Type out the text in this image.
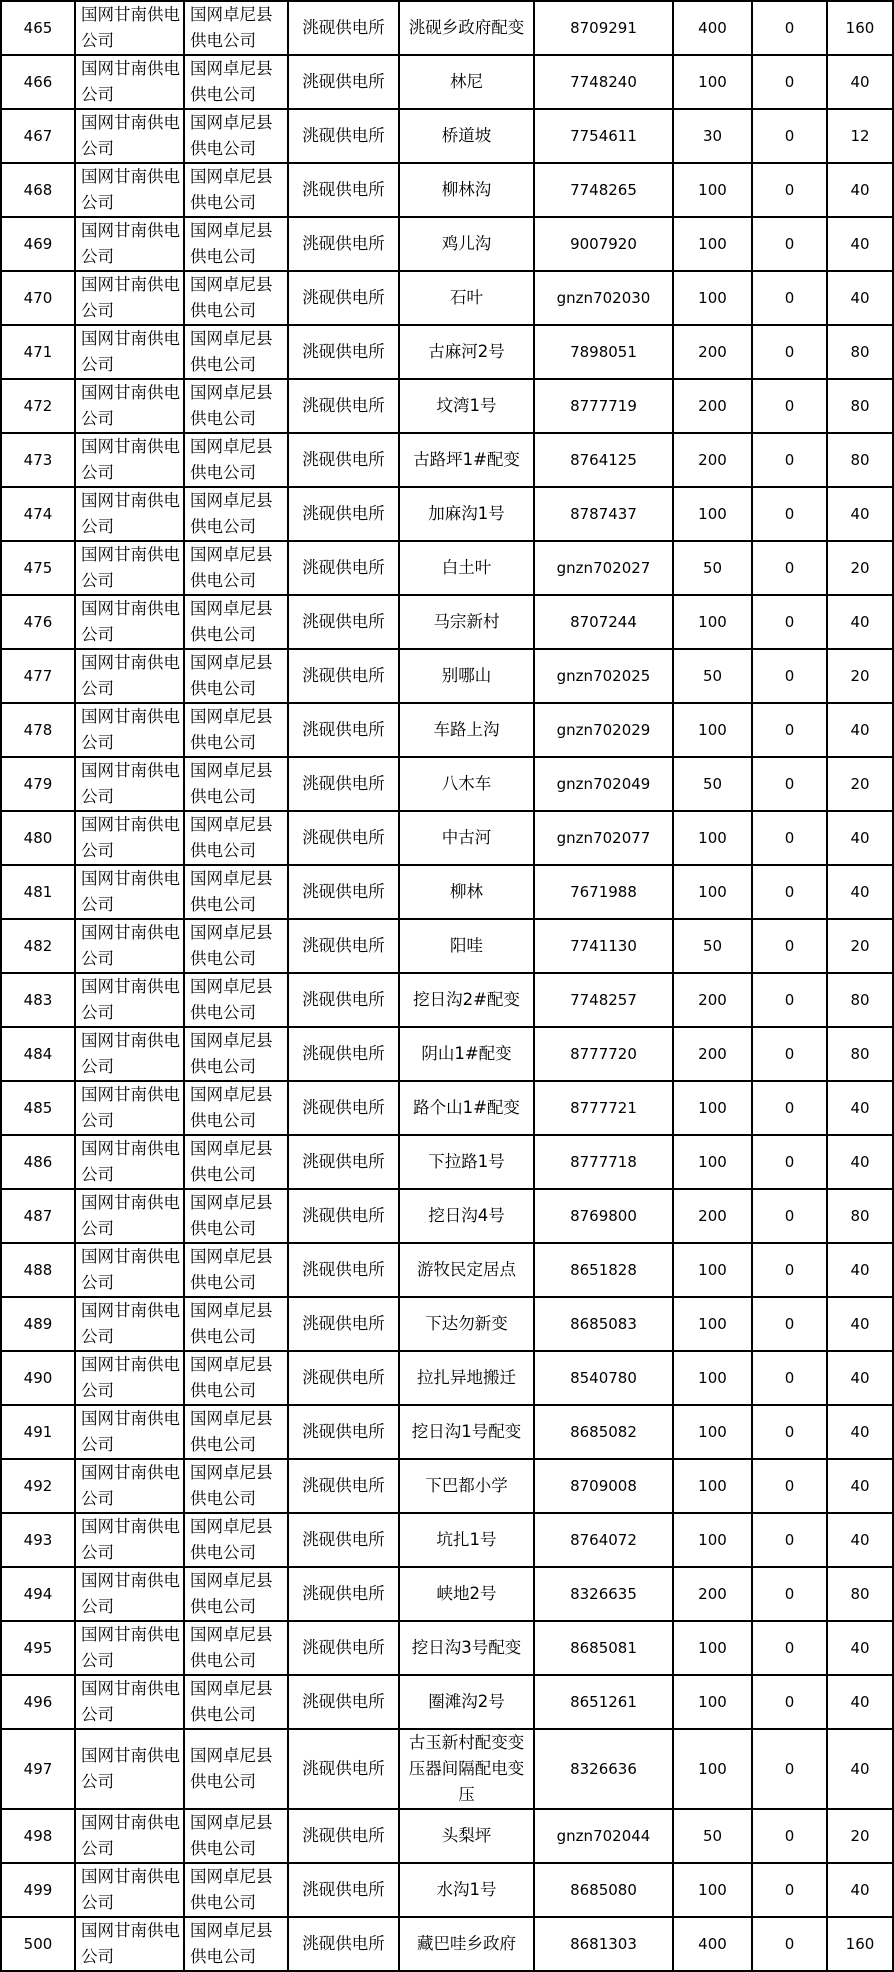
465	国网甘南供电公司	国网卓尼县供电公司	洮砚供电所	洮砚乡政府配变	8709291	400	0	160
466	国网甘南供电公司	国网卓尼县供电公司	洮砚供电所	林尼	7748240	100	0	40
467	国网甘南供电公司	国网卓尼县供电公司	洮砚供电所	桥道坡	7754611	30	0	12
468	国网甘南供电公司	国网卓尼县供电公司	洮砚供电所	柳林沟	7748265	100	0	40
469	国网甘南供电公司	国网卓尼县供电公司	洮砚供电所	鸡儿沟	9007920	100	0	40
470	国网甘南供电公司	国网卓尼县供电公司	洮砚供电所	石叶	gnzn702030	100	0	40
471	国网甘南供电公司	国网卓尼县供电公司	洮砚供电所	古麻河2号	7898051	200	0	80
472	国网甘南供电公司	国网卓尼县供电公司	洮砚供电所	坟湾1号	8777719	200	0	80
473	国网甘南供电公司	国网卓尼县供电公司	洮砚供电所	古路坪1#配变	8764125	200	0	80
474	国网甘南供电公司	国网卓尼县供电公司	洮砚供电所	加麻沟1号	8787437	100	0	40
475	国网甘南供电公司	国网卓尼县供电公司	洮砚供电所	白土叶	gnzn702027	50	0	20
476	国网甘南供电公司	国网卓尼县供电公司	洮砚供电所	马宗新村	8707244	100	0	40
477	国网甘南供电公司	国网卓尼县供电公司	洮砚供电所	别哪山	gnzn702025	50	0	20
478	国网甘南供电公司	国网卓尼县供电公司	洮砚供电所	车路上沟	gnzn702029	100	0	40
479	国网甘南供电公司	国网卓尼县供电公司	洮砚供电所	八木车	gnzn702049	50	0	20
480	国网甘南供电公司	国网卓尼县供电公司	洮砚供电所	中古河	gnzn702077	100	0	40
481	国网甘南供电公司	国网卓尼县供电公司	洮砚供电所	柳林	7671988	100	0	40
482	国网甘南供电公司	国网卓尼县供电公司	洮砚供电所	阳哇	7741130	50	0	20
483	国网甘南供电公司	国网卓尼县供电公司	洮砚供电所	挖日沟2#配变	7748257	200	0	80
484	国网甘南供电公司	国网卓尼县供电公司	洮砚供电所	阴山1#配变	8777720	200	0	80
485	国网甘南供电公司	国网卓尼县供电公司	洮砚供电所	路个山1#配变	8777721	100	0	40
486	国网甘南供电公司	国网卓尼县供电公司	洮砚供电所	下拉路1号	8777718	100	0	40
487	国网甘南供电公司	国网卓尼县供电公司	洮砚供电所	挖日沟4号	8769800	200	0	80
488	国网甘南供电公司	国网卓尼县供电公司	洮砚供电所	游牧民定居点	8651828	100	0	40
489	国网甘南供电公司	国网卓尼县供电公司	洮砚供电所	下达勿新变	8685083	100	0	40
490	国网甘南供电公司	国网卓尼县供电公司	洮砚供电所	拉扎异地搬迁	8540780	100	0	40
491	国网甘南供电公司	国网卓尼县供电公司	洮砚供电所	挖日沟1号配变	8685082	100	0	40
492	国网甘南供电公司	国网卓尼县供电公司	洮砚供电所	下巴都小学	8709008	100	0	40
493	国网甘南供电公司	国网卓尼县供电公司	洮砚供电所	坑扎1号	8764072	100	0	40
494	国网甘南供电公司	国网卓尼县供电公司	洮砚供电所	峡地2号	8326635	200	0	80
495	国网甘南供电公司	国网卓尼县供电公司	洮砚供电所	挖日沟3号配变	8685081	100	0	40
496	国网甘南供电公司	国网卓尼县供电公司	洮砚供电所	圈滩沟2号	8651261	100	0	40
497	国网甘南供电公司	国网卓尼县供电公司	洮砚供电所	古玉新村配变变压器间隔配电变压	8326636	100	0	40
498	国网甘南供电公司	国网卓尼县供电公司	洮砚供电所	头梨坪	gnzn702044	50	0	20
499	国网甘南供电公司	国网卓尼县供电公司	洮砚供电所	水沟1号	8685080	100	0	40
500	国网甘南供电公司	国网卓尼县供电公司	洮砚供电所	藏巴哇乡政府	8681303	400	0	160
